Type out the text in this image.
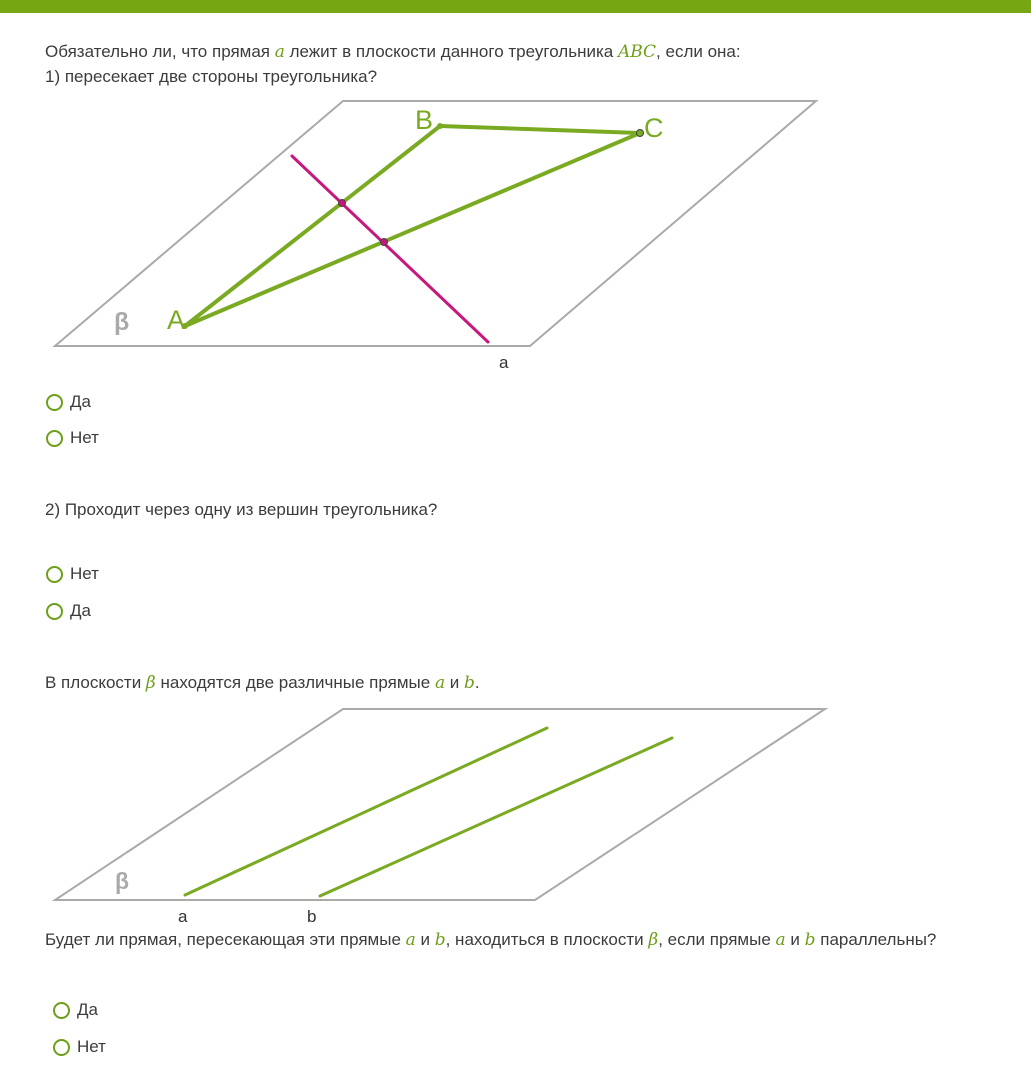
Обязательно ли, что прямая a лежит в плоскости данного треугольника ABC, если она:
1) пересекает две стороны треугольника?
A
B	C
β
a
Да
Нет
2) Проходит через одну из вершин треугольника?
Нет
Да
В плоскости β находятся две различные прямые a и b.
β
a	b
Будет ли прямая, пересекающая эти прямые a и b, находиться в плоскости β, если прямые a и b параллельны?
Да
Нет
